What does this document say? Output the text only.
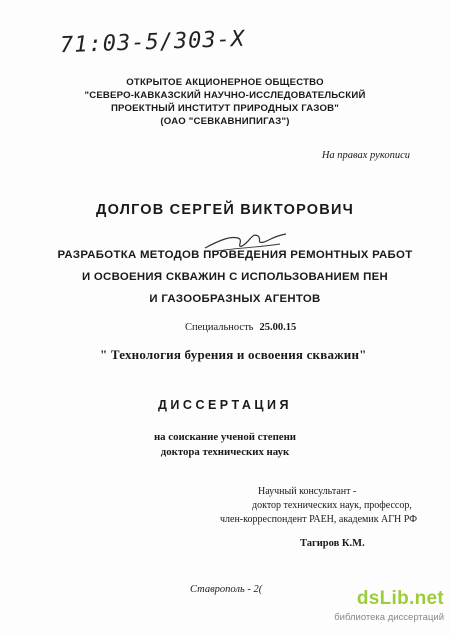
71:03-5/303-Х
ОТКРЫТОЕ АКЦИОНЕРНОЕ ОБЩЕСТВО
"СЕВЕРО-КАВКАЗСКИЙ НАУЧНО-ИССЛЕДОВАТЕЛЬСКИЙ
ПРОЕКТНЫЙ ИНСТИТУТ ПРИРОДНЫХ ГАЗОВ"
(ОАО "СЕВКАВНИПИГАЗ")
На правах рукописи
ДОЛГОВ СЕРГЕЙ ВИКТОРОВИЧ
РАЗРАБОТКА МЕТОДОВ ПРОВЕДЕНИЯ РЕМОНТНЫХ РАБОТ
И ОСВОЕНИЯ СКВАЖИН С ИСПОЛЬЗОВАНИЕМ ПЕН
И ГАЗООБРАЗНЫХ АГЕНТОВ
Специальность 25.00.15
" Технология бурения и освоения скважин"
ДИССЕРТАЦИЯ
на соискание ученой степени
доктора технических наук
Научный консультант -
доктор технических наук, профессор,
член-корреспондент РАЕН, академик АГН РФ
Тагиров К.М.
Ставрополь - 2(	dsLib.net
библиотека диссертаций
